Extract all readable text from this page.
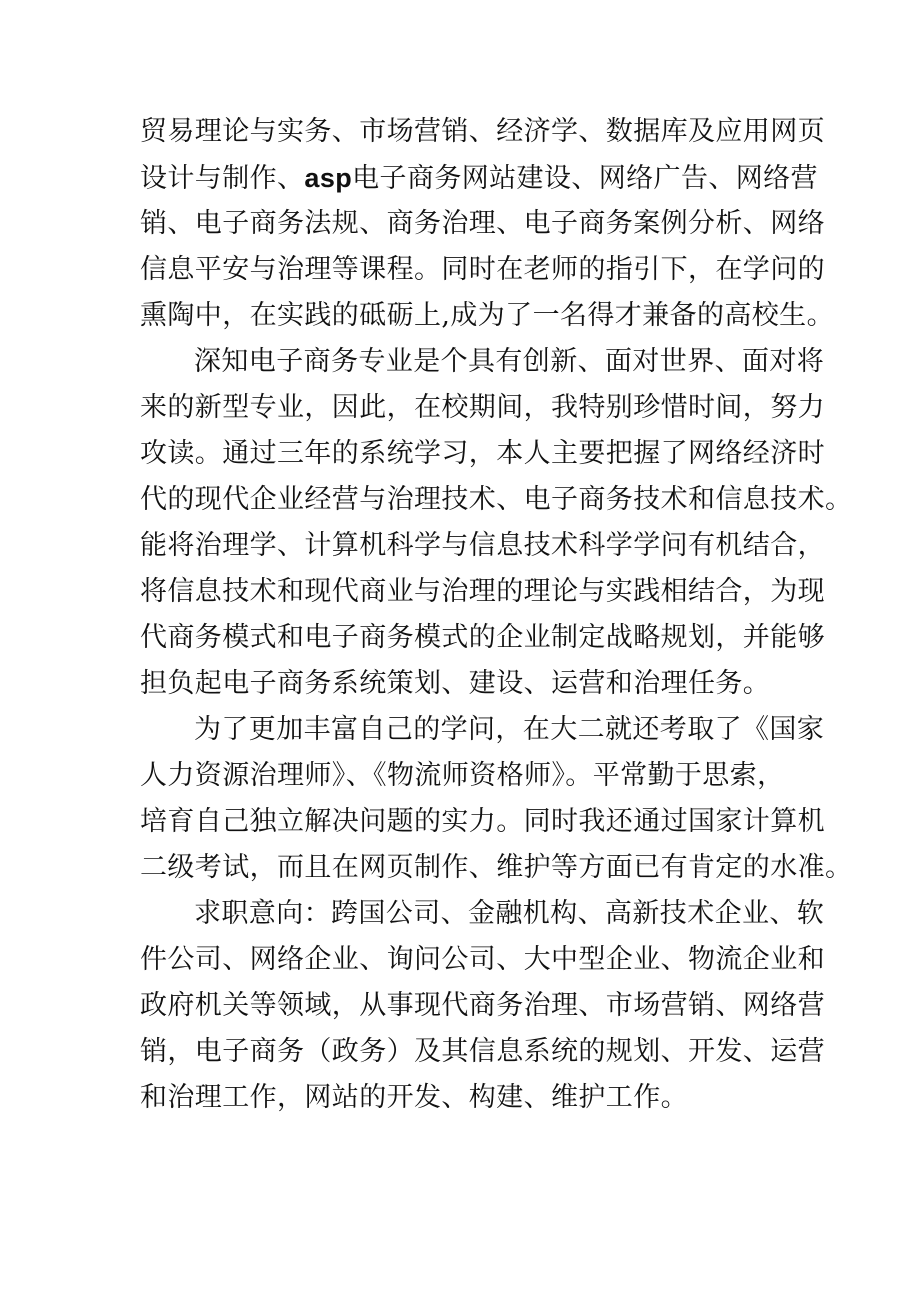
贸易理论与实务、市场营销、经济学、数据库及应用网页
设计与制作、asp电子商务网站建设、网络广告、网络营
销、电子商务法规、商务治理、电子商务案例分析、网络
信息平安与治理等课程。同时在老师的指引下，在学问的
熏陶中，在实践的砥砺上,成为了一名得才兼备的高校生。
深知电子商务专业是个具有创新、面对世界、面对将
来的新型专业，因此，在校期间，我特别珍惜时间，努力
攻读。通过三年的系统学习，本人主要把握了网络经济时
代的现代企业经营与治理技术、电子商务技术和信息技术。
能将治理学、计算机科学与信息技术科学学问有机结合，
将信息技术和现代商业与治理的理论与实践相结合，为现
代商务模式和电子商务模式的企业制定战略规划，并能够
担负起电子商务系统策划、建设、运营和治理任务。
为了更加丰富自己的学问，在大二就还考取了《国家
人力资源治理师》、《物流师资格师》。平常勤于思索，
培育自己独立解决问题的实力。同时我还通过国家计算机
二级考试，而且在网页制作、维护等方面已有肯定的水准。
求职意向：跨国公司、金融机构、高新技术企业、软
件公司、网络企业、询问公司、大中型企业、物流企业和
政府机关等领域，从事现代商务治理、市场营销、网络营
销，电子商务（政务）及其信息系统的规划、开发、运营
和治理工作，网站的开发、构建、维护工作。
